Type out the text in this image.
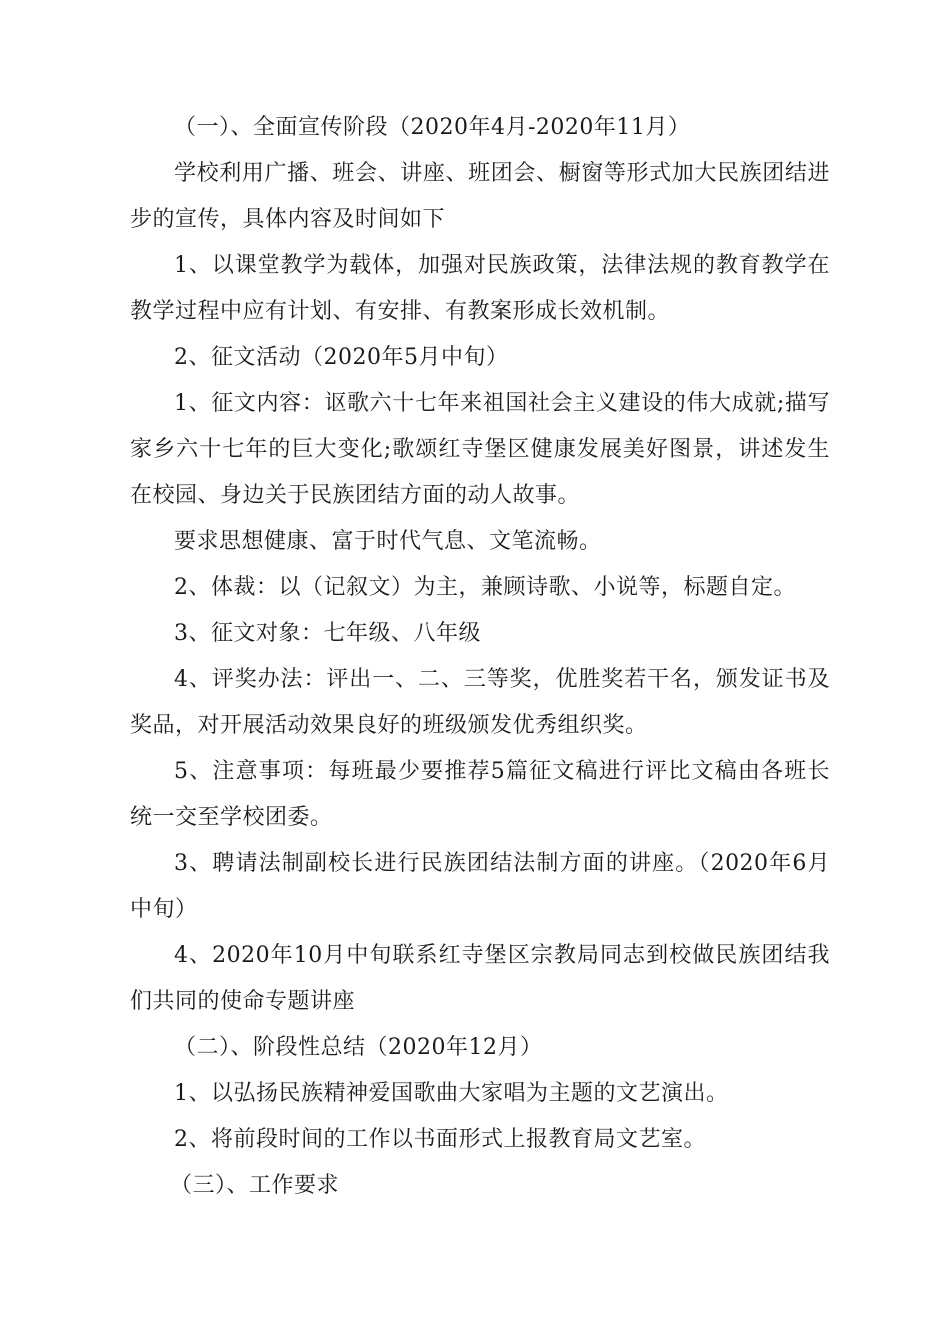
（一）、全面宣传阶段（2020年4月-2020年11月）

学校利用广播、班会、讲座、班团会、橱窗等形式加大民族团结进步的宣传，具体内容及时间如下

1、以课堂教学为载体，加强对民族政策，法律法规的教育教学在教学过程中应有计划、有安排、有教案形成长效机制。

2、征文活动（2020年5月中旬）

1、征文内容：讴歌六十七年来祖国社会主义建设的伟大成就;描写家乡六十七年的巨大变化;歌颂红寺堡区健康发展美好图景，讲述发生在校园、身边关于民族团结方面的动人故事。

要求思想健康、富于时代气息、文笔流畅。

2、体裁：以（记叙文）为主，兼顾诗歌、小说等，标题自定。

3、征文对象：七年级、八年级

4、评奖办法：评出一、二、三等奖，优胜奖若干名，颁发证书及奖品，对开展活动效果良好的班级颁发优秀组织奖。

5、注意事项：每班最少要推荐5篇征文稿进行评比文稿由各班长统一交至学校团委。

3、聘请法制副校长进行民族团结法制方面的讲座。（2020年6月中旬）

4、2020年10月中旬联系红寺堡区宗教局同志到校做民族团结我们共同的使命专题讲座

（二）、阶段性总结（2020年12月）

1、以弘扬民族精神爱国歌曲大家唱为主题的文艺演出。

2、将前段时间的工作以书面形式上报教育局文艺室。

（三）、工作要求
